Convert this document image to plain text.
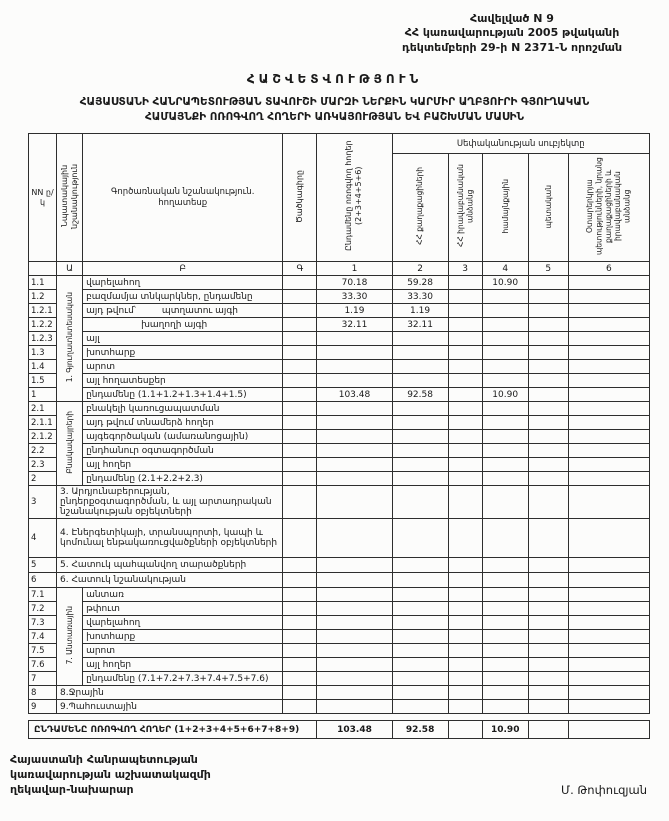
Հավելված N 9
ՀՀ կառավարության 2005 թվականի
դեկտեմբերի 29-ի N 2371-Ն որոշման
ՀԱՇՎԵՏՎՈՒԹՅՈՒՆ
ՀԱՅԱՍՏԱՆԻ ՀԱՆՐԱՊԵՏՈՒԹՅԱՆ ՏԱՎՈՒՇԻ ՄԱՐԶԻ ՆԵՐՔԻՆ ԿԱՐՄԻՐ ԱՂԲՅՈՒՐԻ ԳՅՈՒՂԱԿԱՆ
ՀԱՄԱՅՆՔԻ ՈՌՈԳՎՈՂ ՀՈՂԵՐԻ ԱՌԿԱՅՈՒԹՅԱՆ ԵՎ ԲԱՇԽՄԱՆ ՄԱՍԻՆ
NN ը/կ	Նպատակային նշանակություն	Գործառնական նշանակություն. հողատեսք	Ծածկագիրը	Ընդամենը ոռոգվող հողեր (2+3+4+5+6)	Սեփականության սուբյեկտը				
					ՀՀ քաղաքացիների	ՀՀ իրավաբանական անձանց	համայնքային	պետական	Օտարերկրյա պետությունների, նրանց քաղաքացիների և իրավաբանական անձանց
	Ա	Բ	Գ	1	2	3	4	5	6
1.1	1. Գյուղատնտեսական	վարելահող		70.18	59.28		10.90		
1.2		բազմամյա տնկարկներ, ընդամենը		33.30	33.30				
1.2.1		այդ թվում՝ պտղատու այգի		1.19	1.19				
1.2.2		խաղողի այգի		32.11	32.11				
1.2.3		այլ							
1.3		խոտհարք							
1.4		արոտ							
1.5		այլ հողատեսքեր							
1		ընդամենը (1.1+1.2+1.3+1.4+1.5)		103.48	92.58		10.90		
2.1	Բնակավայրերի	բնակելի կառուցապատման							
2.1.1		այդ թվում տնամերձ հողեր							
2.1.2		այգեգործական (ամառանոցային)							
2.2		ընդհանուր օգտագործման							
2.3		այլ հողեր							
2		ընդամենը (2.1+2.2+2.3)							
3	3. Արդյունաբերության, ընդերքօգտագործման, և այլ արտադրական նշանակության օբյեկտների								
4	4. Էներգետիկայի, տրանսպորտի, կապի և կոմունալ ենթակառուցվածքների օբյեկտների								
5	5. Հատուկ պահպանվող տարածքների								
6	6. Հատուկ նշանակության								
7.1	7. Անտառային	անտառ							
7.2		թփուտ							
7.3		վարելահող							
7.4		խոտհարք							
7.5		արոտ							
7.6		այլ հողեր							
7		ընդամենը (7.1+7.2+7.3+7.4+7.5+7.6)							
8	8.Ջրային								
9	9.Պահուստային								
ԸՆԴԱՄԵՆԸ ՈՌՈԳՎՈՂ ՀՈՂԵՐ (1+2+3+4+5+6+7+8+9)	103.48	92.58		10.90		
Հայաստանի Հանրապետության
կառավարության աշխատակազմի
ղեկավար-նախարար	Մ. Թոփուզյան
